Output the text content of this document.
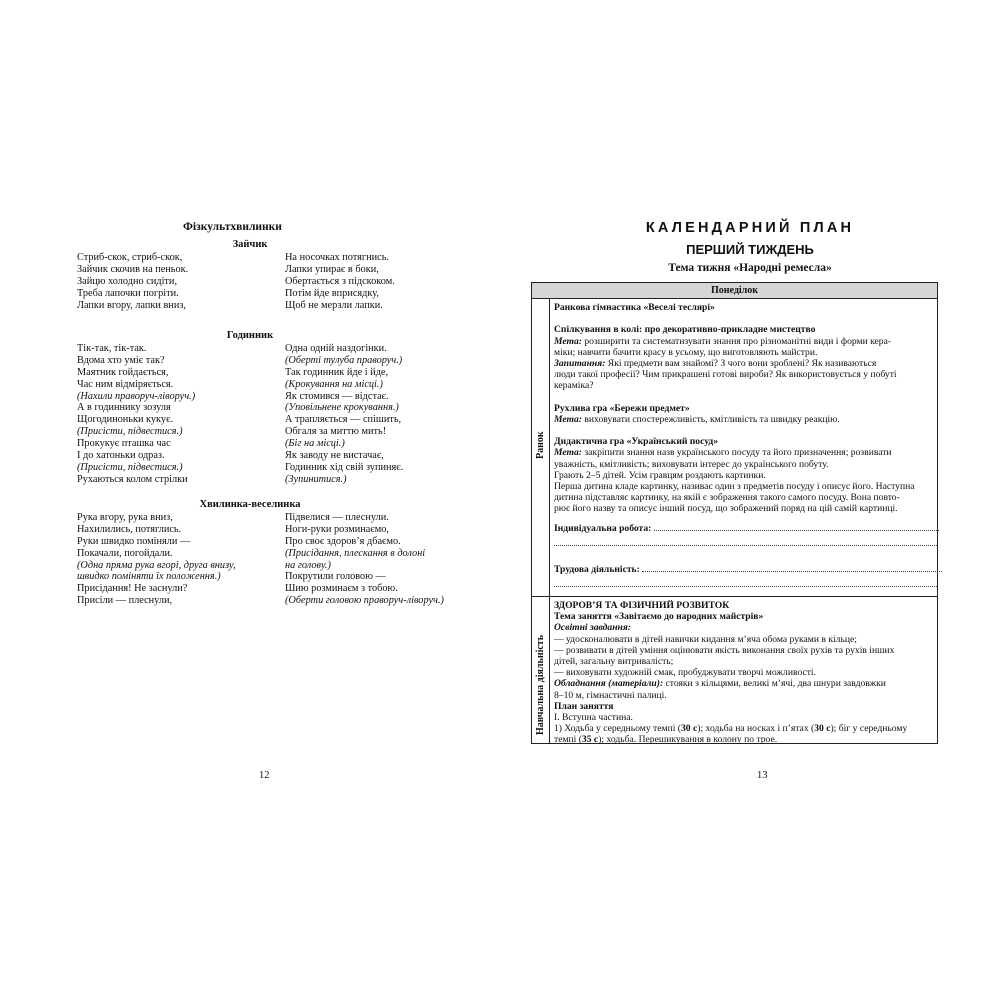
Фізкультхвилинки
Зайчик
Стриб-скок, стриб-скок,
Зайчик скочив на пеньок.
Зайцю холодно сидіти,
Треба лапочки погріти.
Лапки вгору, лапки вниз,
На носочках потягнись.
Лапки упирає в боки,
Обертається з підскоком.
Потім йде вприсядку,
Щоб не мерзли лапки.
Годинник
Тік-так, тік-так.
Вдома хто уміє так?
Маятник гойдається,
Час ним відміряється.
(Нахили праворуч-ліворуч.)
А в годиннику зозуля
Щогодиноньки кукує.
(Присісти, підвестися.)
Прокукує пташка час
І до хатоньки одраз.
(Присісти, підвестися.)
Рухаються колом стрілки
Одна одній наздогінки.
(Обертi тулуба праворуч.)
Так годинник йде і йде,
(Крокування на місці.)
Як стомився — відстає.
(Уповільнене крокування.)
А трапляється — спішить,
Обгаля за миттю мить!
(Біг на місці.)
Як заводу не вистачає,
Годинник хід свій зупиняє.
(Зупинитися.)
Хвилинка-веселинка
Рука вгору, рука вниз,
Нахилились, потяглись.
Руки швидко поміняли —
Покачали, погойдали.
(Одна пряма рука вгорі, друга внизу,
швидко поміняти їх положення.)
Присідання! Не заснули?
Присіли — плеснули,
Підвелися — плеснули.
Ноги-руки розминаємо,
Про своє здоров’я дбаємо.
(Присідання, плескання в долоні
на голову.)
Покрутили головою —
Шию розминаєм з тобою.
(Оберти головою праворуч-ліворуч.)
12
КАЛЕНДАРНИЙ ПЛАН
ПЕРШИЙ ТИЖДЕНЬ
Тема тижня «Народні ремесла»
Понеділок
Ранок
Навчальна діяльність
Ранкова гімнастика «Веселі теслярі»
Спілкування в колі: про декоративно-прикладне мистецтво
Мета: розширити та систематизувати знання про різноманітні види і форми кера-
міки; навчити бачити красу в усьому, що виготовляють майстри.
Запитання: Які предмети вам знайомі? З чого вони зроблені? Як називаються
люди такої професії? Чим прикрашені готові вироби? Як використовується у побуті
кераміка?
Рухлива гра «Бережи предмет»
Мета: виховувати спостережливість, кмітливість та швидку реакцію.
Дидактична гра «Український посуд»
Мета: закріпити знання назв українського посуду та його призначення; розвивати
уважність, кмітливість; виховувати інтерес до українського побуту.
Грають 2–5 дітей. Усім гравцям роздають картинки.
Перша дитина кладе картинку, називає один з предметів посуду і описує його. Наступна
дитина підставляє картинку, на якій є зображення такого самого посуду. Вона повто-
рює його назву та описує інший посуд, що зображений поряд на цій самій картинці.
Індивідуальна робота:
Трудова діяльність:
ЗДОРОВ’Я ТА ФІЗИЧНИЙ РОЗВИТОК
Тема заняття «Завітаємо до народних майстрів»
Освітні завдання:
— удосконалювати в дітей навички кидання м’яча обома руками в кільце;
— розвивати в дітей уміння оцінювати якість виконання своїх рухів та рухів інших
дітей, загальну витривалість;
— виховувати художній смак, пробуджувати творчі можливості.
Обладнання (матеріали): стояки з кільцями, великі м’ячі, два шнури завдовжки
8–10 м, гімнастичні палиці.
План заняття
I. Вступна частина.
1) Ходьба у середньому темпі (30 с); ходьба на носках і п’ятах (30 с); біг у середньому
темпі (35 с); ходьба. Перешикування в колону по трое.
13
